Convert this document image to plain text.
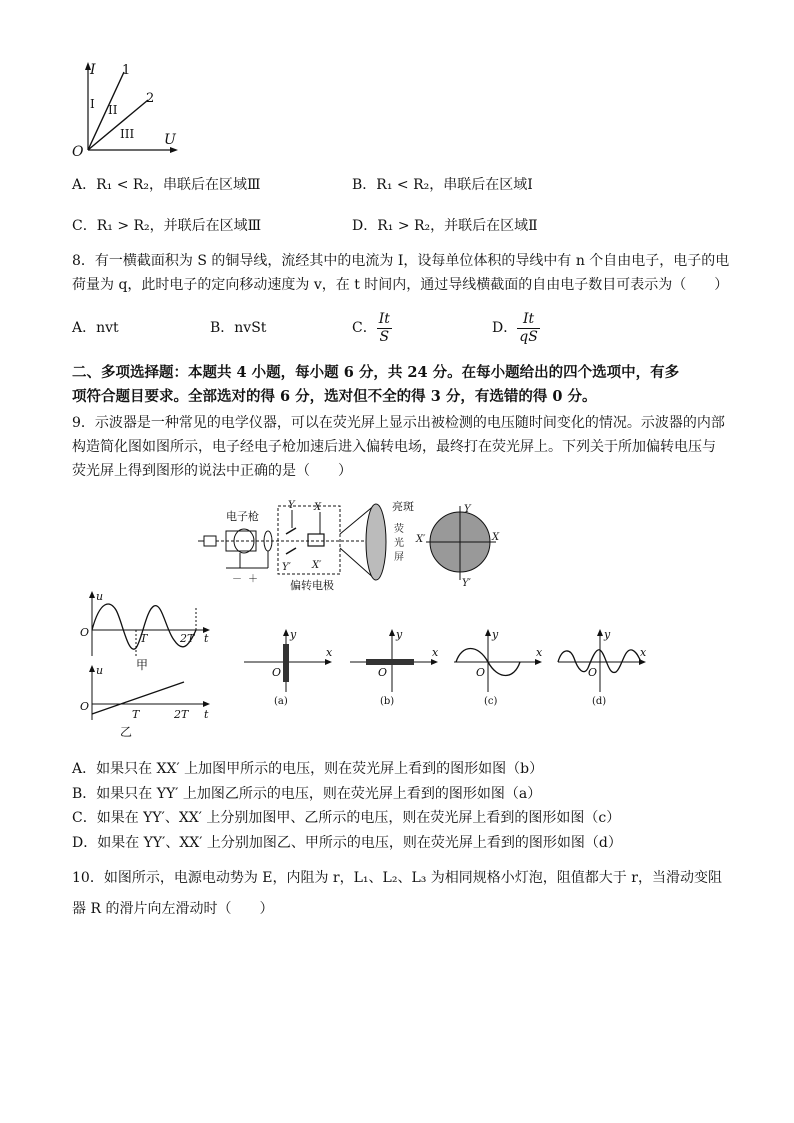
I
U
O
1
2
I II
III
A．R₁ < R₂，串联后在区域Ⅲ	B．R₁ < R₂，串联后在区域Ⅰ
C．R₁ > R₂，并联后在区域Ⅲ	D．R₁ > R₂，并联后在区域Ⅱ
8．有一横截面积为 S 的铜导线，流经其中的电流为 I，设每单位体积的导线中有 n 个自由电子，电子的电
荷量为 q，此时电子的定向移动速度为 v，在 t 时间内，通过导线横截面的自由电子数目可表示为（　　）
A．nvt	B．nvSt	C． $\frac{It}{S}$	D． $\frac{It}{qS}$
二、多项选择题：本题共 4 小题，每小题 6 分，共 24 分。在每小题给出的四个选项中，有多
项符合题目要求。全部选对的得 6 分，选对但不全的得 3 分，有选错的得 0 分。
9．示波器是一种常见的电学仪器，可以在荧光屏上显示出被检测的电压随时间变化的情况。示波器的内部
构造简化图如图所示，电子经电子枪加速后进入偏转电场，最终打在荧光屏上。下列关于所加偏转电压与
荧光屏上得到图形的说法中正确的是（　　）
电子枪
－ ＋
Y
Y′
X
X′
偏转电极
亮斑
荧
光
屏
X′
Y
Y′
X
u
O	T	2T t
甲
u
O
T	2T t
乙
y
x
O
(a)
y
x
O
(b)
y
x
O
(c)
y
x
O
(d)
A．如果只在 XX′ 上加图甲所示的电压，则在荧光屏上看到的图形如图（b）
B．如果只在 YY′ 上加图乙所示的电压，则在荧光屏上看到的图形如图（a）
C．如果在 YY′、XX′ 上分别加图甲、乙所示的电压，则在荧光屏上看到的图形如图（c）
D．如果在 YY′、XX′ 上分别加图乙、甲所示的电压，则在荧光屏上看到的图形如图（d）
10．如图所示，电源电动势为 E，内阻为 r，L₁、L₂、L₃ 为相同规格小灯泡，阻值都大于 r，当滑动变阻
器 R 的滑片向左滑动时（　　）
